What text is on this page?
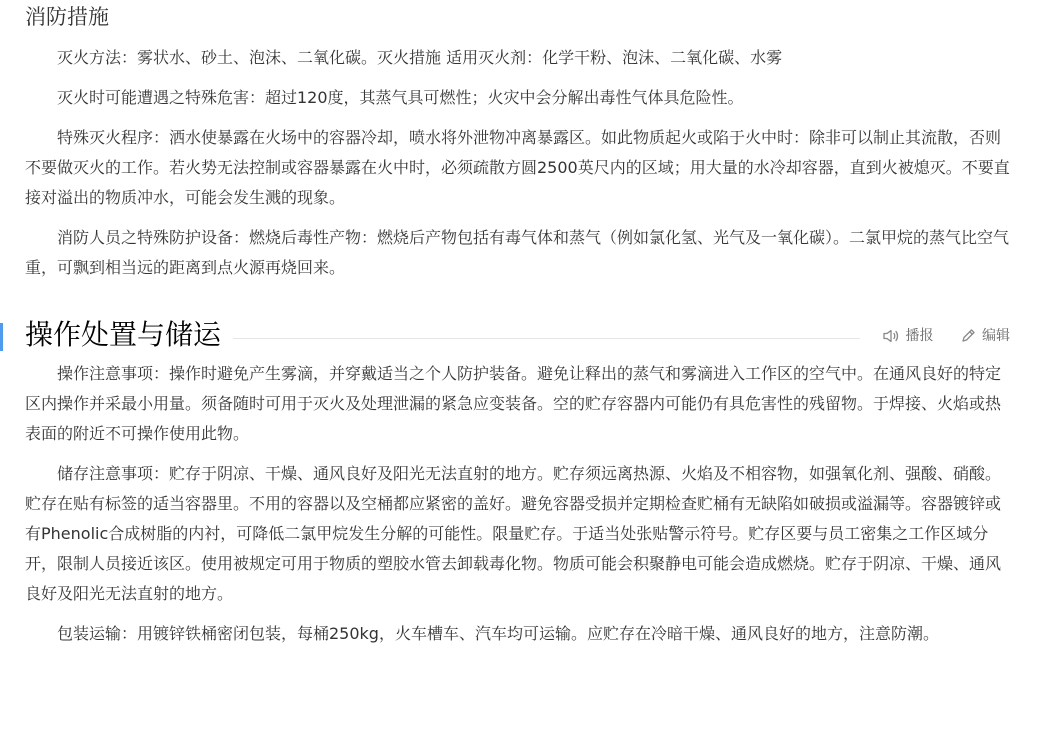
消防措施

灭火方法：雾状水、砂土、泡沫、二氧化碳。灭火措施 适用灭火剂：化学干粉、泡沫、二氧化碳、水雾

灭火时可能遭遇之特殊危害：超过120度，其蒸气具可燃性；火灾中会分解出毒性气体具危险性。

特殊灭火程序：洒水使暴露在火场中的容器冷却，喷水将外泄物冲离暴露区。如此物质起火或陷于火中时：除非可以制止其流散，否则不要做灭火的工作。若火势无法控制或容器暴露在火中时，必须疏散方圆2500英尺内的区域；用大量的水冷却容器，直到火被熄灭。不要直接对溢出的物质冲水，可能会发生溅的现象。

消防人员之特殊防护设备：燃烧后毒性产物：燃烧后产物包括有毒气体和蒸气（例如氯化氢、光气及一氧化碳）。二氯甲烷的蒸气比空气重，可飘到相当远的距离到点火源再烧回来。

操作处置与储运	播报
	编辑

操作注意事项：操作时避免产生雾滴，并穿戴适当之个人防护装备。避免让释出的蒸气和雾滴进入工作区的空气中。在通风良好的特定区内操作并采最小用量。须备随时可用于灭火及处理泄漏的紧急应变装备。空的贮存容器内可能仍有具危害性的残留物。于焊接、火焰或热表面的附近不可操作使用此物。

储存注意事项：贮存于阴凉、干燥、通风良好及阳光无法直射的地方。贮存须远离热源、火焰及不相容物，如强氧化剂、强酸、硝酸。贮存在贴有标签的适当容器里。不用的容器以及空桶都应紧密的盖好。避免容器受损并定期检查贮桶有无缺陷如破损或溢漏等。容器镀锌或有Phenolic合成树脂的内衬，可降低二氯甲烷发生分解的可能性。限量贮存。于适当处张贴警示符号。贮存区要与员工密集之工作区域分开，限制人员接近该区。使用被规定可用于物质的塑胶水管去卸载毒化物。物质可能会积聚静电可能会造成燃烧。贮存于阴凉、干燥、通风良好及阳光无法直射的地方。

包装运输：用镀锌铁桶密闭包装，每桶250kg，火车槽车、汽车均可运输。应贮存在冷暗干燥、通风良好的地方，注意防潮。
